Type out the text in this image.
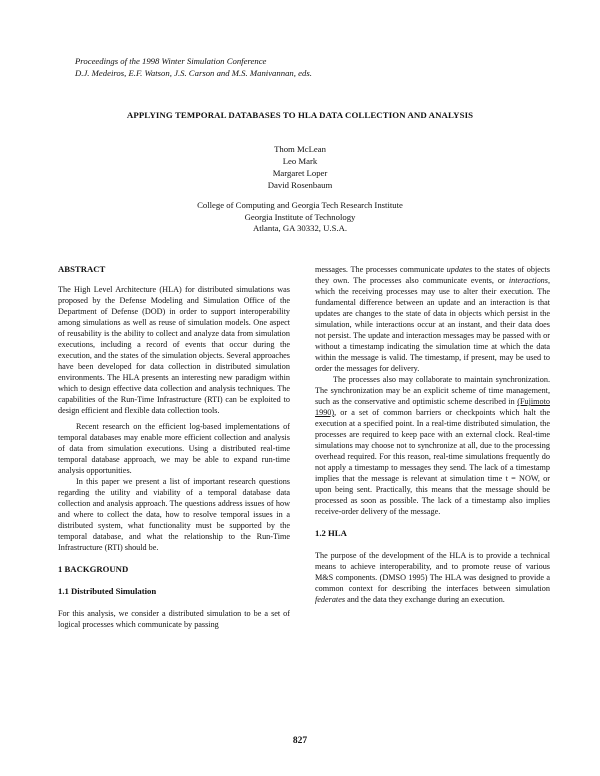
Proceedings of the 1998 Winter Simulation Conference
D.J. Medeiros, E.F. Watson, J.S. Carson and M.S. Manivannan, eds.
APPLYING TEMPORAL DATABASES TO HLA DATA COLLECTION AND ANALYSIS
Thom McLean
Leo Mark
Margaret Loper
David Rosenbaum
College of Computing and Georgia Tech Research Institute
Georgia Institute of Technology
Atlanta, GA 30332, U.S.A.
ABSTRACT

The High Level Architecture (HLA) for distributed simulations was proposed by the Defense Modeling and Simulation Office of the Department of Defense (DOD) in order to support interoperability among simulations as well as reuse of simulation models. One aspect of reusability is the ability to collect and analyze data from simulation executions, including a record of events that occur during the execution, and the states of the simulation objects. Several approaches have been developed for data collection in distributed simulation environments. The HLA presents an interesting new paradigm within which to design effective data collection and analysis techniques. The capabilities of the Run-Time Infrastructure (RTI) can be exploited to design efficient and flexible data collection tools.

Recent research on the efficient log-based implementations of temporal databases may enable more efficient collection and analysis of data from simulation executions. Using a distributed real-time temporal database approach, we may be able to expand run-time analysis opportunities.

In this paper we present a list of important research questions regarding the utility and viability of a temporal database data collection and analysis approach. The questions address issues of how and where to collect the data, how to resolve temporal issues in a distributed system, what functionality must be supported by the temporal database, and what the relationship to the Run-Time Infrastructure (RTI) should be.

1 BACKGROUND
1.1 Distributed Simulation

For this analysis, we consider a distributed simulation to be a set of logical processes which communicate by passing

messages. The processes communicate updates to the states of objects they own. The processes also communicate events, or interactions, which the receiving processes may use to alter their execution. The fundamental difference between an update and an interaction is that updates are changes to the state of data in objects which persist in the simulation, while interactions occur at an instant, and their data does not persist. The update and interaction messages may be passed with or without a timestamp indicating the simulation time at which the data within the message is valid. The timestamp, if present, may be used to order the messages for delivery.

The processes also may collaborate to maintain synchronization. The synchronization may be an explicit scheme of time management, such as the conservative and optimistic scheme described in (Fujimoto 1990), or a set of common barriers or checkpoints which halt the execution at a specified point. In a real-time distributed simulation, the processes are required to keep pace with an external clock. Real-time simulations may choose not to synchronize at all, due to the processing overhead required. For this reason, real-time simulations frequently do not apply a timestamp to messages they send. The lack of a timestamp implies that the message is relevant at simulation time t = NOW, or upon being sent. Practically, this means that the message should be processed as soon as possible. The lack of a timestamp also implies receive-order delivery of the message.

1.2 HLA

The purpose of the development of the HLA is to provide a technical means to achieve interoperability, and to promote reuse of various M&S components. (DMSO 1995) The HLA was designed to provide a common context for describing the interfaces between simulation federates and the data they exchange during an execution.

827
